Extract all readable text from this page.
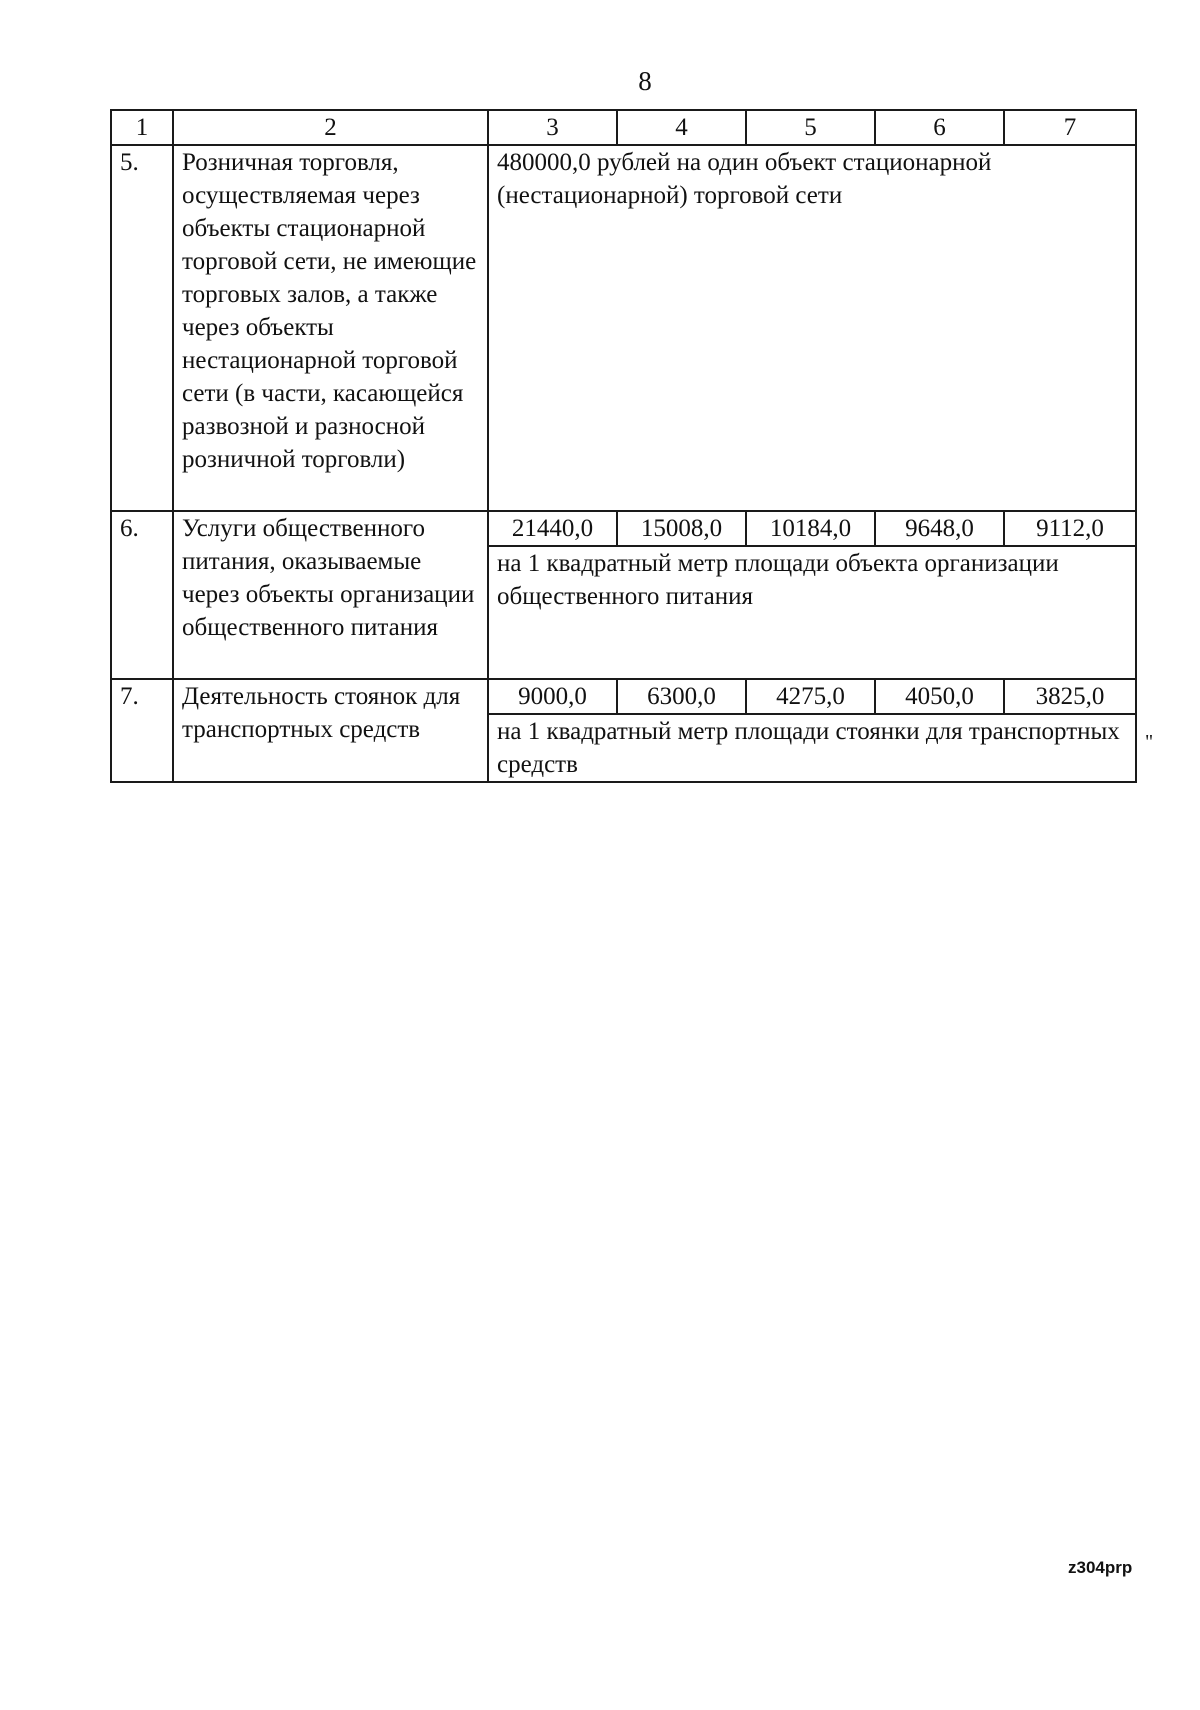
8
1	2	3	4	5	6	7
5.	Розничная торговля, осуществляемая через объекты стационарной торговой сети, не имеющие торговых залов, а также через объекты нестационарной торговой сети (в части, касающейся развозной и разносной розничной торговли)	480000,0 рублей на один объект стационарной (нестационарной) торговой сети				
6.	Услуги общественного питания, оказываемые через объекты организации общественного питания	21440,0	15008,0	10184,0	9648,0	9112,0
		на 1 квадратный метр площади объекта организации общественного питания				
7.	Деятельность стоянок для транспортных средств	9000,0	6300,0	4275,0	4050,0	3825,0
		на 1 квадратный метр площади стоянки для транспортных средств				
"
z304prp
